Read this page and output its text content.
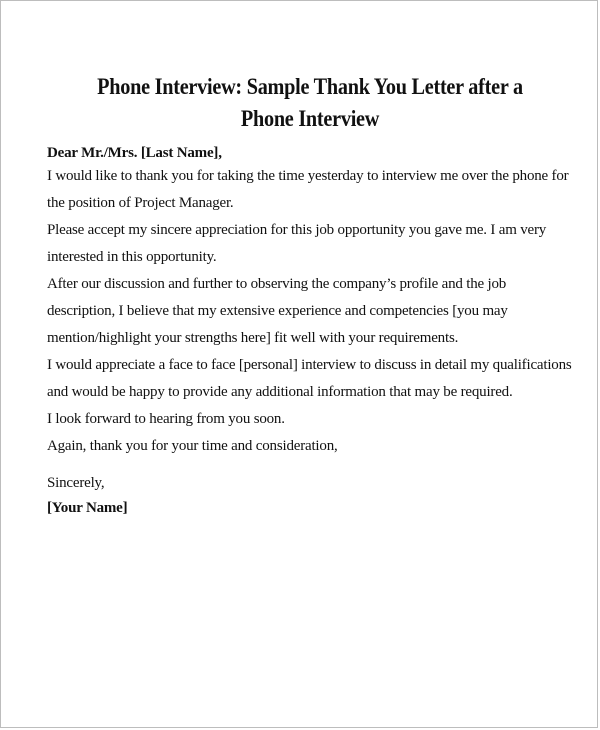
Phone Interview: Sample Thank You Letter after a Phone Interview
Dear Mr./Mrs. [Last Name],

I would like to thank you for taking the time yesterday to interview me over the phone for the position of Project Manager.

Please accept my sincere appreciation for this job opportunity you gave me. I am very interested in this opportunity.

After our discussion and further to observing the company’s profile and the job description, I believe that my extensive experience and competencies [you may mention/highlight your strengths here] fit well with your requirements.

I would appreciate a face to face [personal] interview to discuss in detail my qualifications and would be happy to provide any additional information that may be required.

I look forward to hearing from you soon.

Again, thank you for your time and consideration,

Sincerely,
[Your Name]
